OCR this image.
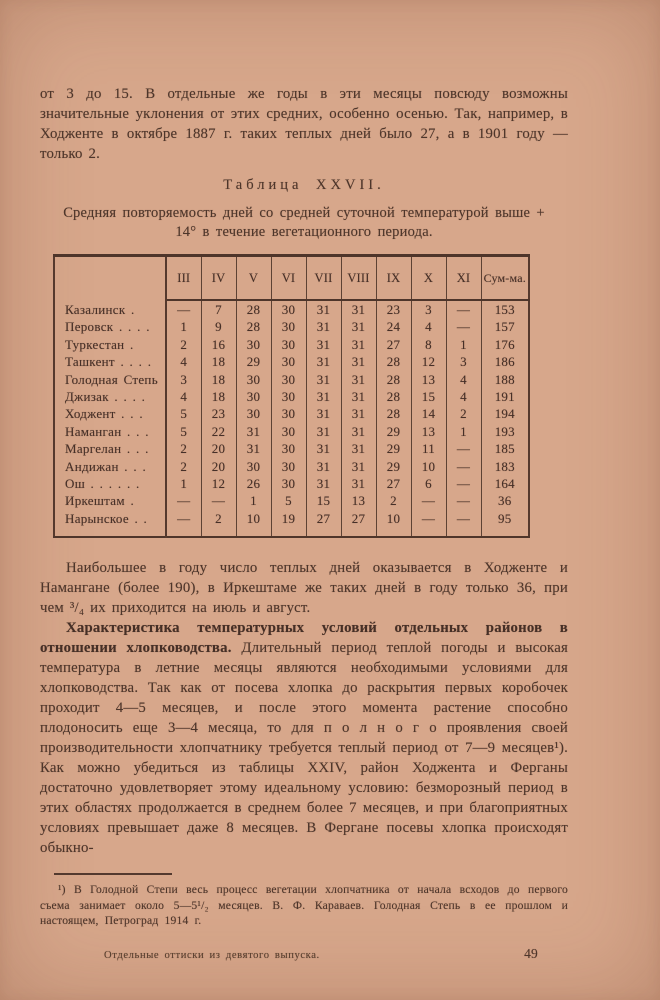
от 3 до 15. В отдельные же годы в эти месяцы повсюду возможны значительные уклонения от этих средних, особенно осенью. Так, например, в Ходженте в октябре 1887 г. таких теплых дней было 27, а в 1901 году — только 2.

Таблица XXVII.

Средняя повторяемость дней со средней суточной температурой выше + 14° в течение вегетационного периода.

	III	IV	V	VI	VII	VIII	IX	X	XI	Сум-ма.
Казалинск .	—	7	28	30	31	31	23	3	—	153
Перовск . . . .	1	9	28	30	31	31	24	4	—	157
Туркестан .	2	16	30	30	31	31	27	8	1	176
Ташкент . . . .	4	18	29	30	31	31	28	12	3	186
Голодная Степь	3	18	30	30	31	31	28	13	4	188
Джизак . . . .	4	18	30	30	31	31	28	15	4	191
Ходжент . . .	5	23	30	30	31	31	28	14	2	194
Наманган . . .	5	22	31	30	31	31	29	13	1	193
Маргелан . . .	2	20	31	30	31	31	29	11	—	185
Андижан . . .	2	20	30	30	31	31	29	10	—	183
Ош . . . . . .	1	12	26	30	31	31	27	6	—	164
Иркештам .	—	—	1	5	15	13	2	—	—	36
Нарынское . .	—	2	10	19	27	27	10	—	—	95

Наибольшее в году число теплых дней оказывается в Ходженте и Намангане (более 190), в Иркештаме же таких дней в году только 36, при чем ³/₄ их приходится на июль и август.

Характеристика температурных условий отдельных районов в отношении хлопководства. Длительный период теплой погоды и высокая температура в летние месяцы являются необходимыми условиями для хлопководства. Так как от посева хлопка до раскрытия первых коробочек проходит 4—5 месяцев, и после этого момента растение способно плодоносить еще 3—4 месяца, то для п о л н о г о проявления своей производительности хлопчатнику требуется теплый период от 7—9 месяцев¹). Как можно убедиться из таблицы XXIV, район Ходжента и Ферганы достаточно удовлетворяет этому идеальному условию: безморозный период в этих областях продолжается в среднем более 7 месяцев, и при благоприятных условиях превышает даже 8 месяцев. В Фергане посевы хлопка происходят обыкно-

¹) В Голодной Степи весь процесс вегетации хлопчатника от начала всходов до первого съема занимает около 5—5¹/₂ месяцев. В. Ф. Караваев. Голодная Степь в ее прошлом и настоящем, Петроград 1914 г.

Отдельные оттиски из девятого выпуска.	49
